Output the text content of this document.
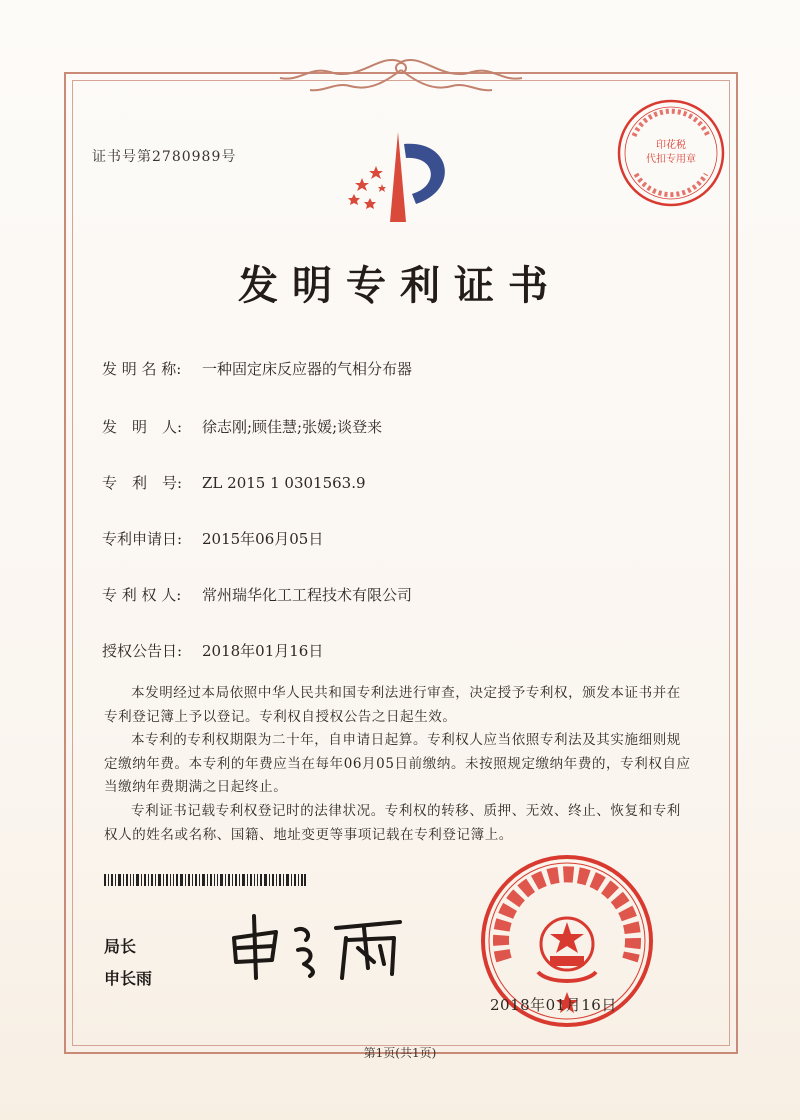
证书号第2780989号
印花税
代扣专用章
发明专利证书
发 明 名 称:	一种固定床反应器的气相分布器
发　明　人:	徐志刚;顾佳慧;张媛;谈登来
专　利　号:	ZL 2015 1 0301563.9
专利申请日:	2015年06月05日
专 利 权 人:	常州瑞华化工工程技术有限公司
授权公告日:	2018年01月16日

本发明经过本局依照中华人民共和国专利法进行审查，决定授予专利权，颁发本证书并在专利登记簿上予以登记。专利权自授权公告之日起生效。

本专利的专利权期限为二十年，自申请日起算。专利权人应当依照专利法及其实施细则规定缴纳年费。本专利的年费应当在每年06月05日前缴纳。未按照规定缴纳年费的，专利权自应当缴纳年费期满之日起终止。

专利证书记载专利权登记时的法律状况。专利权的转移、质押、无效、终止、恢复和专利权人的姓名或名称、国籍、地址变更等事项记载在专利登记簿上。

局长
申长雨
2018年01月16日
第1页(共1页)
